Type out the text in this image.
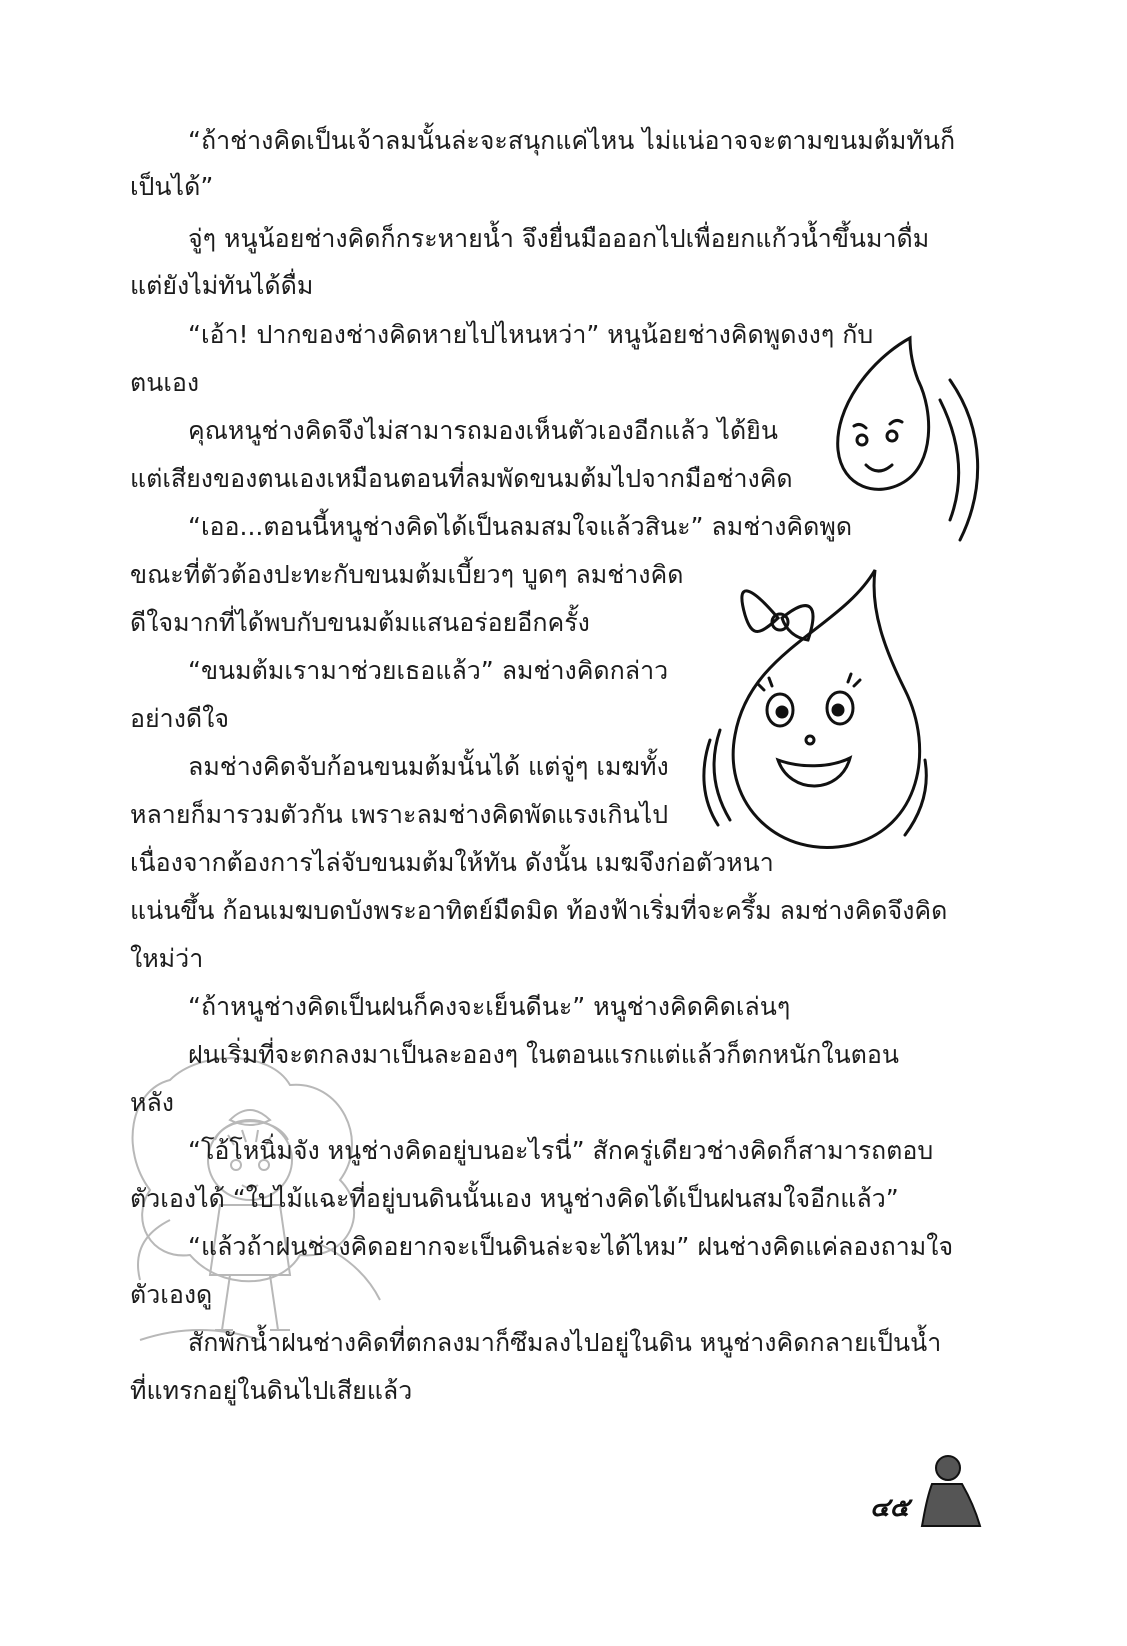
“ถ้าช่างคิดเป็นเจ้าลมนั้นล่ะจะสนุกแค่ไหน ไม่แน่อาจจะตามขนมต้มทันก็

เป็นได้”

จู่ๆ หนูน้อยช่างคิดก็กระหายน้ำ จึงยื่นมือออกไปเพื่อยกแก้วน้ำขึ้นมาดื่ม

แต่ยังไม่ทันได้ดื่ม

“เอ้า! ปากของช่างคิดหายไปไหนหว่า” หนูน้อยช่างคิดพูดงงๆ กับ

ตนเอง

คุณหนูช่างคิดจึงไม่สามารถมองเห็นตัวเองอีกแล้ว ได้ยิน

แต่เสียงของตนเองเหมือนตอนที่ลมพัดขนมต้มไปจากมือช่างคิด

“เออ...ตอนนี้หนูช่างคิดได้เป็นลมสมใจแล้วสินะ” ลมช่างคิดพูด

ขณะที่ตัวต้องปะทะกับขนมต้มเบี้ยวๆ บูดๆ ลมช่างคิด

ดีใจมากที่ได้พบกับขนมต้มแสนอร่อยอีกครั้ง

“ขนมต้มเรามาช่วยเธอแล้ว” ลมช่างคิดกล่าว

อย่างดีใจ

ลมช่างคิดจับก้อนขนมต้มนั้นได้ แต่จู่ๆ เมฆทั้ง

หลายก็มารวมตัวกัน เพราะลมช่างคิดพัดแรงเกินไป

เนื่องจากต้องการไล่จับขนมต้มให้ทัน ดังนั้น เมฆจึงก่อตัวหนา

แน่นขึ้น ก้อนเมฆบดบังพระอาทิตย์มืดมิด ท้องฟ้าเริ่มที่จะครึ้ม ลมช่างคิดจึงคิด

ใหม่ว่า

“ถ้าหนูช่างคิดเป็นฝนก็คงจะเย็นดีนะ” หนูช่างคิดคิดเล่นๆ

ฝนเริ่มที่จะตกลงมาเป็นละอองๆ ในตอนแรกแต่แล้วก็ตกหนักในตอน

หลัง

“โอ้โหนิ่มจัง หนูช่างคิดอยู่บนอะไรนี่” สักครู่เดียวช่างคิดก็สามารถตอบ

ตัวเองได้ “ใบไม้แฉะที่อยู่บนดินนั้นเอง หนูช่างคิดได้เป็นฝนสมใจอีกแล้ว”

“แล้วถ้าฝนช่างคิดอยากจะเป็นดินล่ะจะได้ไหม” ฝนช่างคิดแค่ลองถามใจ

ตัวเองดู

สักพักน้ำฝนช่างคิดที่ตกลงมาก็ซึมลงไปอยู่ในดิน หนูช่างคิดกลายเป็นน้ำ

ที่แทรกอยู่ในดินไปเสียแล้ว

๔๕
